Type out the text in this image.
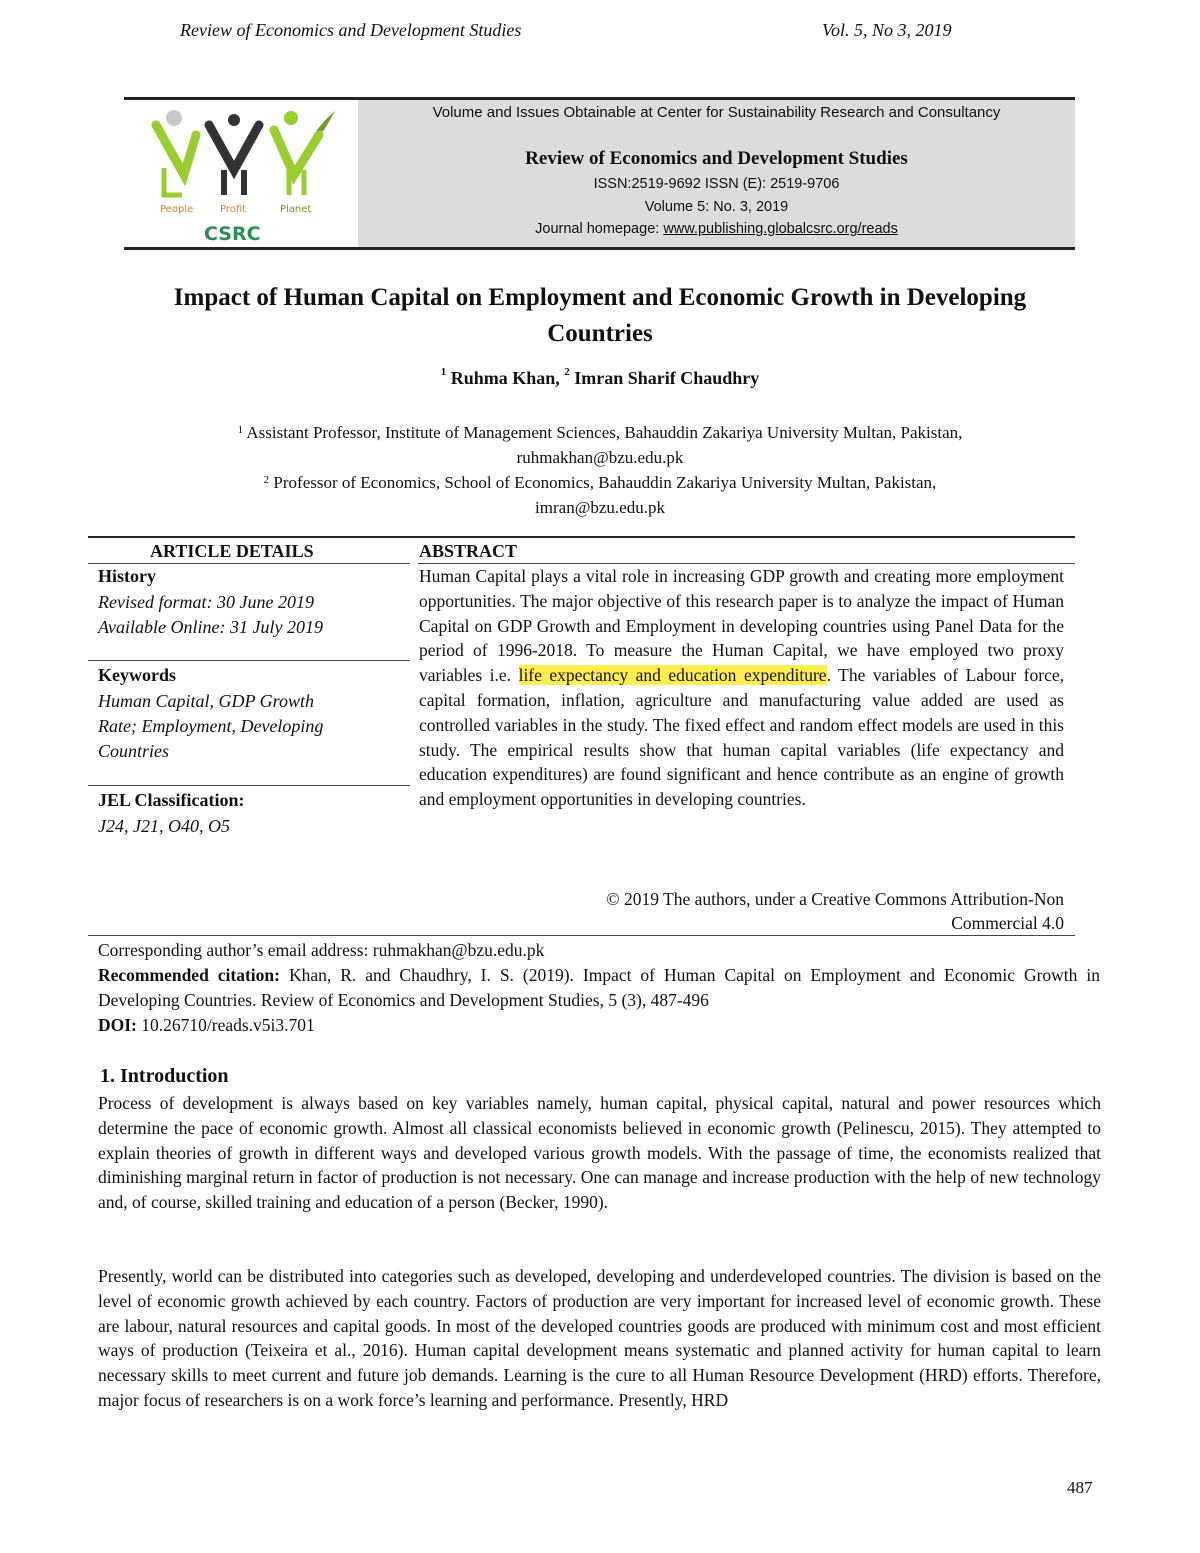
Review of Economics and Development Studies	Vol. 5, No 3, 2019
People	Profit	Planet
CSRC
Volume and Issues Obtainable at Center for Sustainability Research and Consultancy
Review of Economics and Development Studies
ISSN:2519-9692 ISSN (E): 2519-9706
Volume 5: No. 3, 2019
Journal homepage: www.publishing.globalcsrc.org/reads
Impact of Human Capital on Employment and Economic Growth in Developing
Countries
$^1$ Ruhma Khan, $^2$ Imran Sharif Chaudhry
$^1$ Assistant Professor, Institute of Management Sciences, Bahauddin Zakariya University Multan, Pakistan,
ruhmakhan@bzu.edu.pk
$^2$ Professor of Economics, School of Economics, Bahauddin Zakariya University Multan, Pakistan,
imran@bzu.edu.pk
ARTICLE DETAILS	ABSTRACT
History
Revised format: 30 June 2019
Available Online: 31 July 2019
Keywords
Human Capital, GDP Growth
Rate; Employment, Developing
Countries
JEL Classification:
J24, J21, O40, O5
Human Capital plays a vital role in increasing GDP growth and creating more employment opportunities. The major objective of this research paper is to analyze the impact of Human Capital on GDP Growth and Employment in developing countries using Panel Data for the period of 1996-2018. To measure the Human Capital, we have employed two proxy variables i.e. life expectancy and education expenditure. The variables of Labour force, capital formation, inflation, agriculture and manufacturing value added are used as controlled variables in the study. The fixed effect and random effect models are used in this study. The empirical results show that human capital variables (life expectancy and education expenditures) are found significant and hence contribute as an engine of growth and employment opportunities in developing countries.
© 2019 The authors, under a Creative Commons Attribution-Non
Commercial 4.0
Corresponding author’s email address: ruhmakhan@bzu.edu.pk
Recommended citation: Khan, R. and Chaudhry, I. S. (2019). Impact of Human Capital on Employment and Economic Growth in Developing Countries. Review of Economics and Development Studies, 5 (3), 487-496
DOI: 10.26710/reads.v5i3.701
1. Introduction
Process of development is always based on key variables namely, human capital, physical capital, natural and power resources which determine the pace of economic growth. Almost all classical economists believed in economic growth (Pelinescu, 2015). They attempted to explain theories of growth in different ways and developed various growth models. With the passage of time, the economists realized that diminishing marginal return in factor of production is not necessary. One can manage and increase production with the help of new technology and, of course, skilled training and education of a person (Becker, 1990).
Presently, world can be distributed into categories such as developed, developing and underdeveloped countries. The division is based on the level of economic growth achieved by each country. Factors of production are very important for increased level of economic growth. These are labour, natural resources and capital goods. In most of the developed countries goods are produced with minimum cost and most efficient ways of production (Teixeira et al., 2016). Human capital development means systematic and planned activity for human capital to learn necessary skills to meet current and future job demands. Learning is the cure to all Human Resource Development (HRD) efforts. Therefore, major focus of researchers is on a work force’s learning and performance. Presently, HRD
487
